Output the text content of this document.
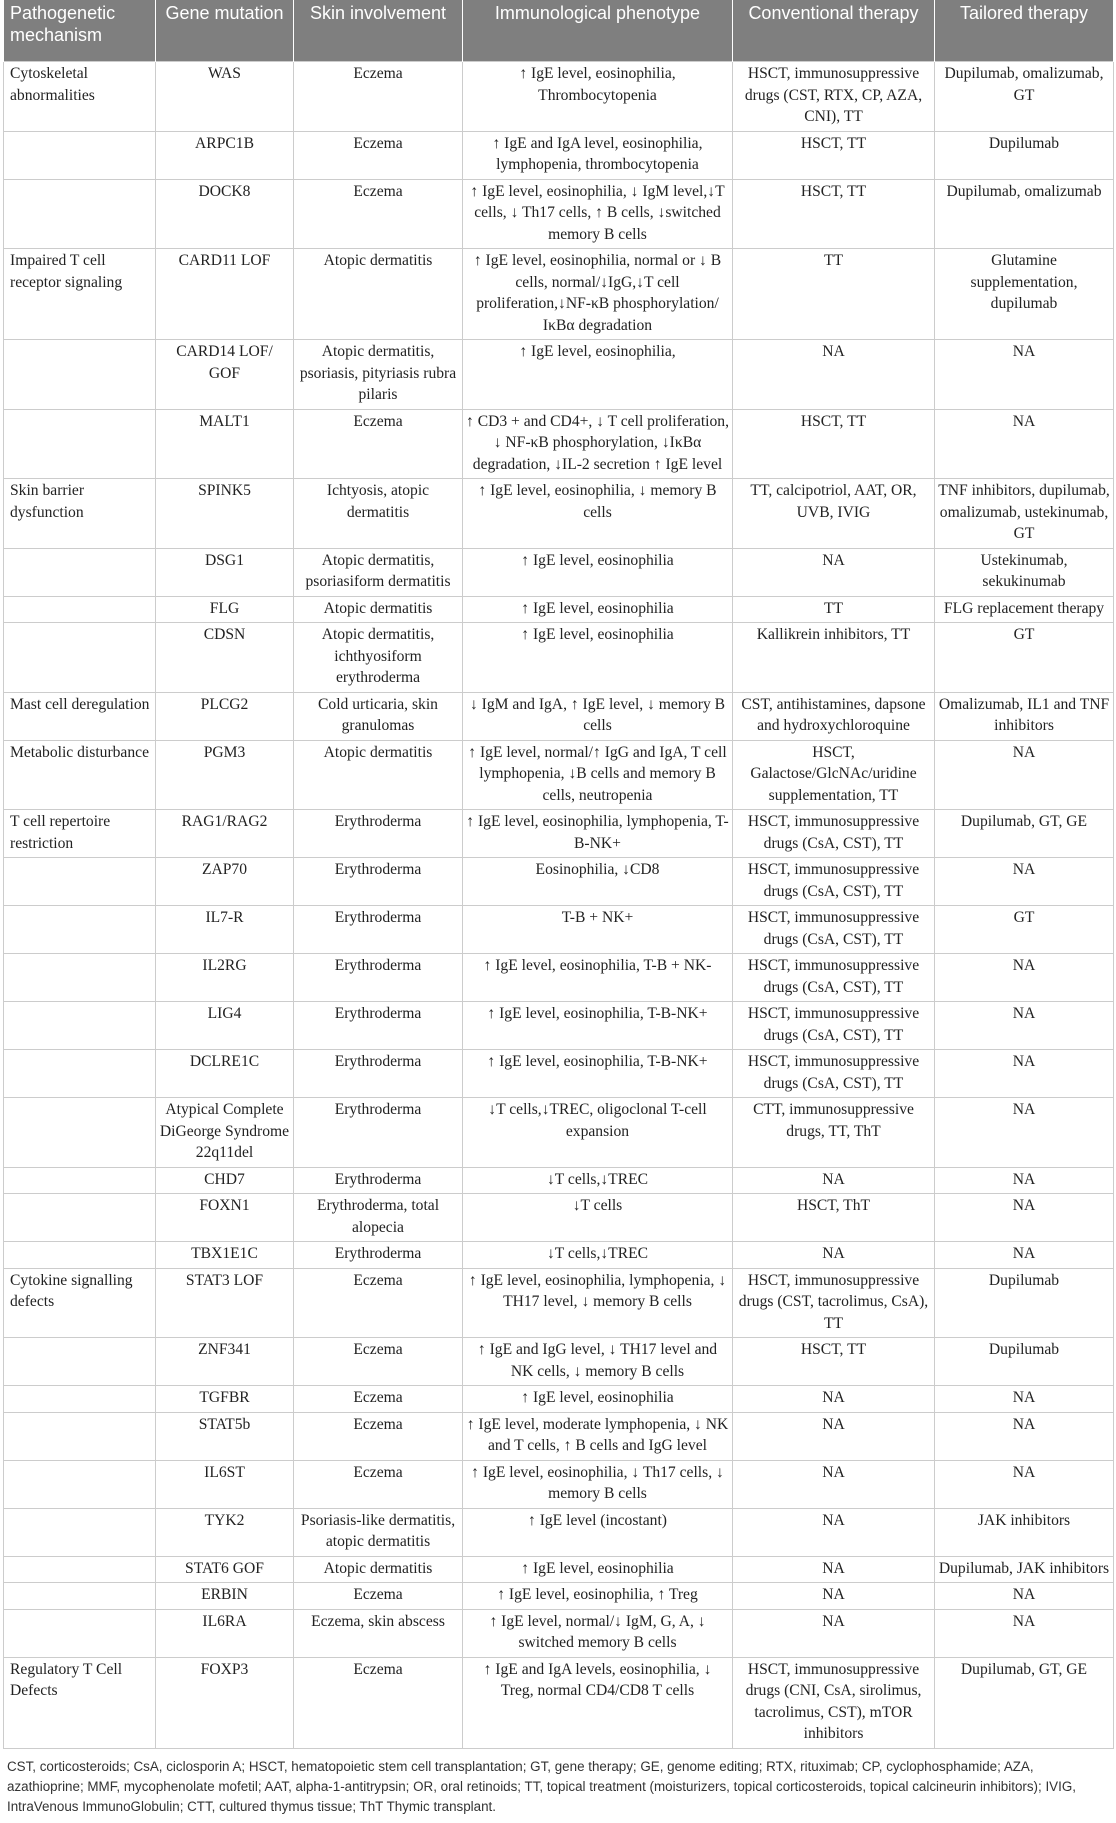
Pathogenetic mechanism	Gene mutation	Skin involvement	Immunological phenotype	Conventional therapy	Tailored therapy
Cytoskeletal abnormalities	WAS	Eczema	↑ IgE level, eosinophilia, Thrombocytopenia	HSCT, immunosuppressive drugs (CST, RTX, CP, AZA, CNI), TT	Dupilumab, omalizumab, GT
	ARPC1B	Eczema	↑ IgE and IgA level, eosinophilia, lymphopenia, thrombocytopenia	HSCT, TT	Dupilumab
	DOCK8	Eczema	↑ IgE level, eosinophilia, ↓ IgM level,↓T cells, ↓ Th17 cells, ↑ B cells, ↓switched memory B cells	HSCT, TT	Dupilumab, omalizumab
Impaired T cell receptor signaling	CARD11 LOF	Atopic dermatitis	↑ IgE level, eosinophilia, normal or ↓ B cells, normal/↓IgG,↓T cell proliferation,↓NF-κB phosphorylation/ IκBα degradation	TT	Glutamine supplementation, dupilumab
	CARD14 LOF/ GOF	Atopic dermatitis, psoriasis, pityriasis rubra pilaris	↑ IgE level, eosinophilia,	NA	NA
	MALT1	Eczema	↑ CD3 + and CD4+, ↓ T cell proliferation, ↓ NF-κB phosphorylation, ↓IκBα degradation, ↓IL-2 secretion ↑ IgE level	HSCT, TT	NA
Skin barrier dysfunction	SPINK5	Ichtyosis, atopic dermatitis	↑ IgE level, eosinophilia, ↓ memory B cells	TT, calcipotriol, AAT, OR, UVB, IVIG	TNF inhibitors, dupilumab, omalizumab, ustekinumab, GT
	DSG1	Atopic dermatitis, psoriasiform dermatitis	↑ IgE level, eosinophilia	NA	Ustekinumab, sekukinumab
	FLG	Atopic dermatitis	↑ IgE level, eosinophilia	TT	FLG replacement therapy
	CDSN	Atopic dermatitis, ichthyosiform erythroderma	↑ IgE level, eosinophilia	Kallikrein inhibitors, TT	GT
Mast cell deregulation	PLCG2	Cold urticaria, skin granulomas	↓ IgM and IgA, ↑ IgE level, ↓ memory B cells	CST, antihistamines, dapsone and hydroxychloroquine	Omalizumab, IL1 and TNF inhibitors
Metabolic disturbance	PGM3	Atopic dermatitis	↑ IgE level, normal/↑ IgG and IgA, T cell lymphopenia, ↓B cells and memory B cells, neutropenia	HSCT, Galactose/GlcNAc/uridine supplementation, TT	NA
T cell repertoire restriction	RAG1/RAG2	Erythroderma	↑ IgE level, eosinophilia, lymphopenia, T-B-NK+	HSCT, immunosuppressive drugs (CsA, CST), TT	Dupilumab, GT, GE
	ZAP70	Erythroderma	Eosinophilia, ↓CD8	HSCT, immunosuppressive drugs (CsA, CST), TT	NA
	IL7-R	Erythroderma	T-B + NK+	HSCT, immunosuppressive drugs (CsA, CST), TT	GT
	IL2RG	Erythroderma	↑ IgE level, eosinophilia, T-B + NK-	HSCT, immunosuppressive drugs (CsA, CST), TT	NA
	LIG4	Erythroderma	↑ IgE level, eosinophilia, T-B-NK+	HSCT, immunosuppressive drugs (CsA, CST), TT	NA
	DCLRE1C	Erythroderma	↑ IgE level, eosinophilia, T-B-NK+	HSCT, immunosuppressive drugs (CsA, CST), TT	NA
	Atypical Complete DiGeorge Syndrome 22q11del	Erythroderma	↓T cells,↓TREC, oligoclonal T-cell expansion	CTT, immunosuppressive drugs, TT, ThT	NA
	CHD7	Erythroderma	↓T cells,↓TREC	NA	NA
	FOXN1	Erythroderma, total alopecia	↓T cells	HSCT, ThT	NA
	TBX1E1C	Erythroderma	↓T cells,↓TREC	NA	NA
Cytokine signalling defects	STAT3 LOF	Eczema	↑ IgE level, eosinophilia, lymphopenia, ↓ TH17 level, ↓ memory B cells	HSCT, immunosuppressive drugs (CST, tacrolimus, CsA), TT	Dupilumab
	ZNF341	Eczema	↑ IgE and IgG level, ↓ TH17 level and NK cells, ↓ memory B cells	HSCT, TT	Dupilumab
	TGFBR	Eczema	↑ IgE level, eosinophilia	NA	NA
	STAT5b	Eczema	↑ IgE level, moderate lymphopenia, ↓ NK and T cells, ↑ B cells and IgG level	NA	NA
	IL6ST	Eczema	↑ IgE level, eosinophilia, ↓ Th17 cells, ↓ memory B cells	NA	NA
	TYK2	Psoriasis-like dermatitis, atopic dermatitis	↑ IgE level (incostant)	NA	JAK inhibitors
	STAT6 GOF	Atopic dermatitis	↑ IgE level, eosinophilia	NA	Dupilumab, JAK inhibitors
	ERBIN	Eczema	↑ IgE level, eosinophilia, ↑ Treg	NA	NA
	IL6RA	Eczema, skin abscess	↑ IgE level, normal/↓ IgM, G, A, ↓ switched memory B cells	NA	NA
Regulatory T Cell Defects	FOXP3	Eczema	↑ IgE and IgA levels, eosinophilia, ↓ Treg, normal CD4/CD8 T cells	HSCT, immunosuppressive drugs (CNI, CsA, sirolimus, tacrolimus, CST), mTOR inhibitors	Dupilumab, GT, GE
CST, corticosteroids; CsA, ciclosporin A; HSCT, hematopoietic stem cell transplantation; GT, gene therapy; GE, genome editing; RTX, rituximab; CP, cyclophosphamide; AZA, azathioprine; MMF, mycophenolate mofetil; AAT, alpha-1-antitrypsin; OR, oral retinoids; TT, topical treatment (moisturizers, topical corticosteroids, topical calcineurin inhibitors); IVIG, IntraVenous ImmunoGlobulin; CTT, cultured thymus tissue; ThT Thymic transplant.
